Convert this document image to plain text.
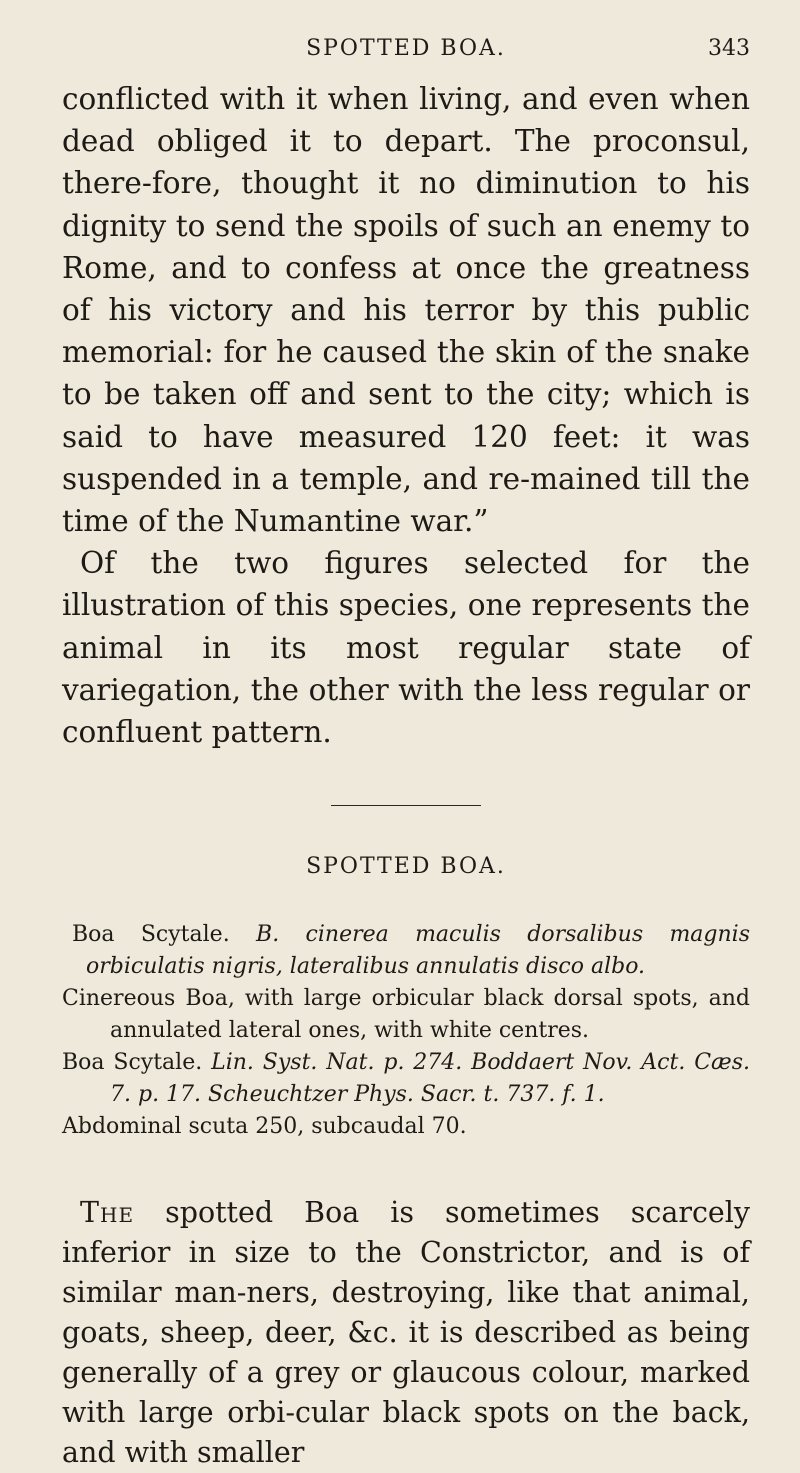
SPOTTED BOA.	343

conflicted with it when living, and even when dead obliged it to depart. The proconsul, there-fore, thought it no diminution to his dignity to send the spoils of such an enemy to Rome, and to confess at once the greatness of his victory and his terror by this public memorial: for he caused the skin of the snake to be taken off and sent to the city; which is said to have measured 120 feet: it was suspended in a temple, and re-mained till the time of the Numantine war.”

Of the two figures selected for the illustration of this species, one represents the animal in its most regular state of variegation, the other with the less regular or confluent pattern.

SPOTTED BOA.

Boa Scytale. B. cinerea maculis dorsalibus magnis orbiculatis nigris, lateralibus annulatis disco albo.

Cinereous Boa, with large orbicular black dorsal spots, and annulated lateral ones, with white centres.

Boa Scytale. Lin. Syst. Nat. p. 274. Boddaert Nov. Act. Cæs. 7. p. 17. Scheuchtzer Phys. Sacr. t. 737. f. 1.

Abdominal scuta 250, subcaudal 70.

The spotted Boa is sometimes scarcely inferior in size to the Constrictor, and is of similar man-ners, destroying, like that animal, goats, sheep, deer, &c. it is described as being generally of a grey or glaucous colour, marked with large orbi-cular black spots on the back, and with smaller
